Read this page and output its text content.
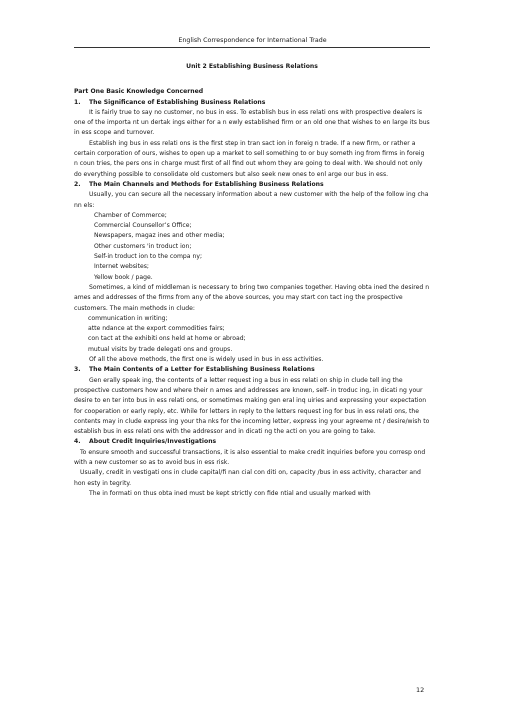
English Correspondence for International Trade

Unit 2 Establishing Business Relations

Part One Basic Knowledge Concerned

1.	The Significance of Establishing Business Relations

It is fairly true to say no customer, no bus in ess. To establish bus in ess relati ons with prospective dealers is one of the importa nt un dertak ings either for a n ewly established firm or an old one that wishes to en large its bus in ess scope and turnover.

Establish ing bus in ess relati ons is the first step in tran sact ion in foreig n trade. If a new firm, or rather a certain corporation of ours, wishes to open up a market to sell something to or buy someth ing from firms in foreig n coun tries, the pers ons in charge must first of all find out whom they are going to deal with. We should not only do everything possible to consolidate old customers but also seek new ones to enl arge our bus in ess.

2.	The Main Channels and Methods for Establishing Business Relations

Usually, you can secure all the necessary information about a new customer with the help of the follow ing cha nn els:

Chamber of Commerce;

Commercial Counsellor’s Office;

Newspapers, magaz ines and other media;

Other customers 'in troduct ion;

Self-in troduct ion to the compa ny;

Internet websites;

Yellow book / page.

Sometimes, a kind of middleman is necessary to bring two companies together. Having obta ined the desired n ames and addresses of the firms from any of the above sources, you may start con tact ing the prospective customers. The main methods in clude:

communication in writing;

atte ndance at the export commodities fairs;

con tact at the exhibiti ons held at home or abroad;

mutual visits by trade delegati ons and groups.

Of all the above methods, the first one is widely used in bus in ess activities.

3.	The Main Contents of a Letter for Establishing Business Relations

Gen erally speak ing, the contents of a letter request ing a bus in ess relati on ship in clude tell ing the prospective customers how and where their n ames and addresses are known, self- in troduc ing, in dicati ng your desire to en ter into bus in ess relati ons, or sometimes making gen eral inq uiries and expressing your expectation for cooperation or early reply, etc. While for letters in reply to the letters request ing for bus in ess relati ons, the contents may in clude express ing your tha nks for the incoming letter, express ing your agreeme nt / desire/wish to establish bus in ess relati ons with the addressor and in dicati ng the acti on you are going to take.

4.	About Credit Inquiries/Investigations

To ensure smooth and successful transactions, it is also essential to make credit inquiries before you corresp ond with a new customer so as to avoid bus in ess risk.

Usually, credit in vestigati ons in clude capital/fi nan cial con diti on, capacity /bus in ess activity, character and hon esty in tegrity.

The in formati on thus obta ined must be kept strictly con fide ntial and usually marked with

12
